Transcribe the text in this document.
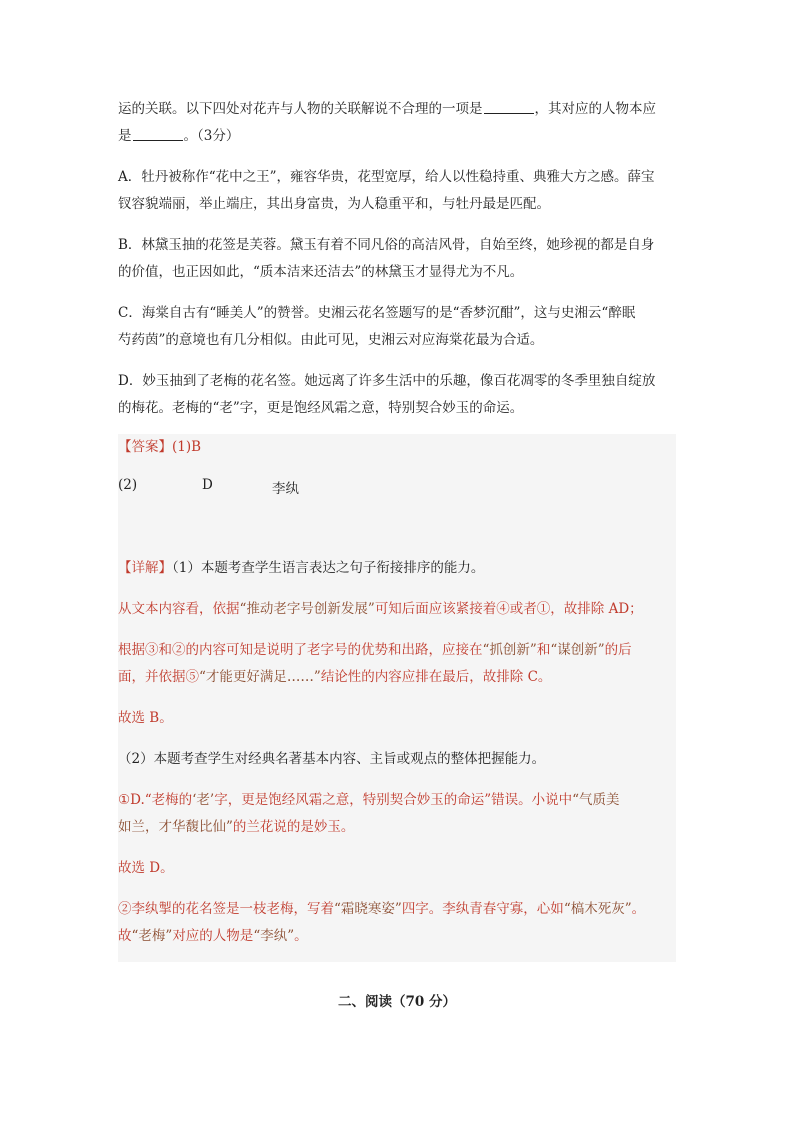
运的关联。以下四处对花卉与人物的关联解说不合理的一项是	，其对应的人物本应

是	。（3分）

A．牡丹被称作“花中之王”，雍容华贵，花型宽厚，给人以性稳持重、典雅大方之感。薛宝

钗容貌端丽，举止端庄，其出身富贵，为人稳重平和，与牡丹最是匹配。

B．林黛玉抽的花签是芙蓉。黛玉有着不同凡俗的高洁风骨，自始至终，她珍视的都是自身

的价值，也正因如此，“质本洁来还洁去”的林黛玉才显得尤为不凡。

C．海棠自古有“睡美人”的赞誉。史湘云花名签题写的是“香梦沉酣”，这与史湘云“醉眠

芍药茵”的意境也有几分相似。由此可见，史湘云对应海棠花最为合适。

D．妙玉抽到了老梅的花名签。她远离了许多生活中的乐趣，像百花凋零的冬季里独自绽放

的梅花。老梅的“老”字，更是饱经风霜之意，特别契合妙玉的命运。

【答案】(1)B

(2)	D	李纨

【详解】（1）本题考查学生语言表达之句子衔接排序的能力。

从文本内容看，依据“推动老字号创新发展”可知后面应该紧接着④或者①，故排除 AD；

根据③和②的内容可知是说明了老字号的优势和出路，应接在“抓创新”和“谋创新”的后

面，并依据⑤“才能更好满足……”结论性的内容应排在最后，故排除 C。

故选 B。

（2）本题考查学生对经典名著基本内容、主旨或观点的整体把握能力。

①D.“老梅的‘老’字，更是饱经风霜之意，特别契合妙玉的命运”错误。小说中“气质美

如兰，才华馥比仙”的兰花说的是妙玉。

故选 D。

②李纨掣的花名签是一枝老梅，写着“霜晓寒姿”四字。李纨青春守寡，心如“槁木死灰”。

故“老梅”对应的人物是“李纨”。

二、阅读（70 分）
